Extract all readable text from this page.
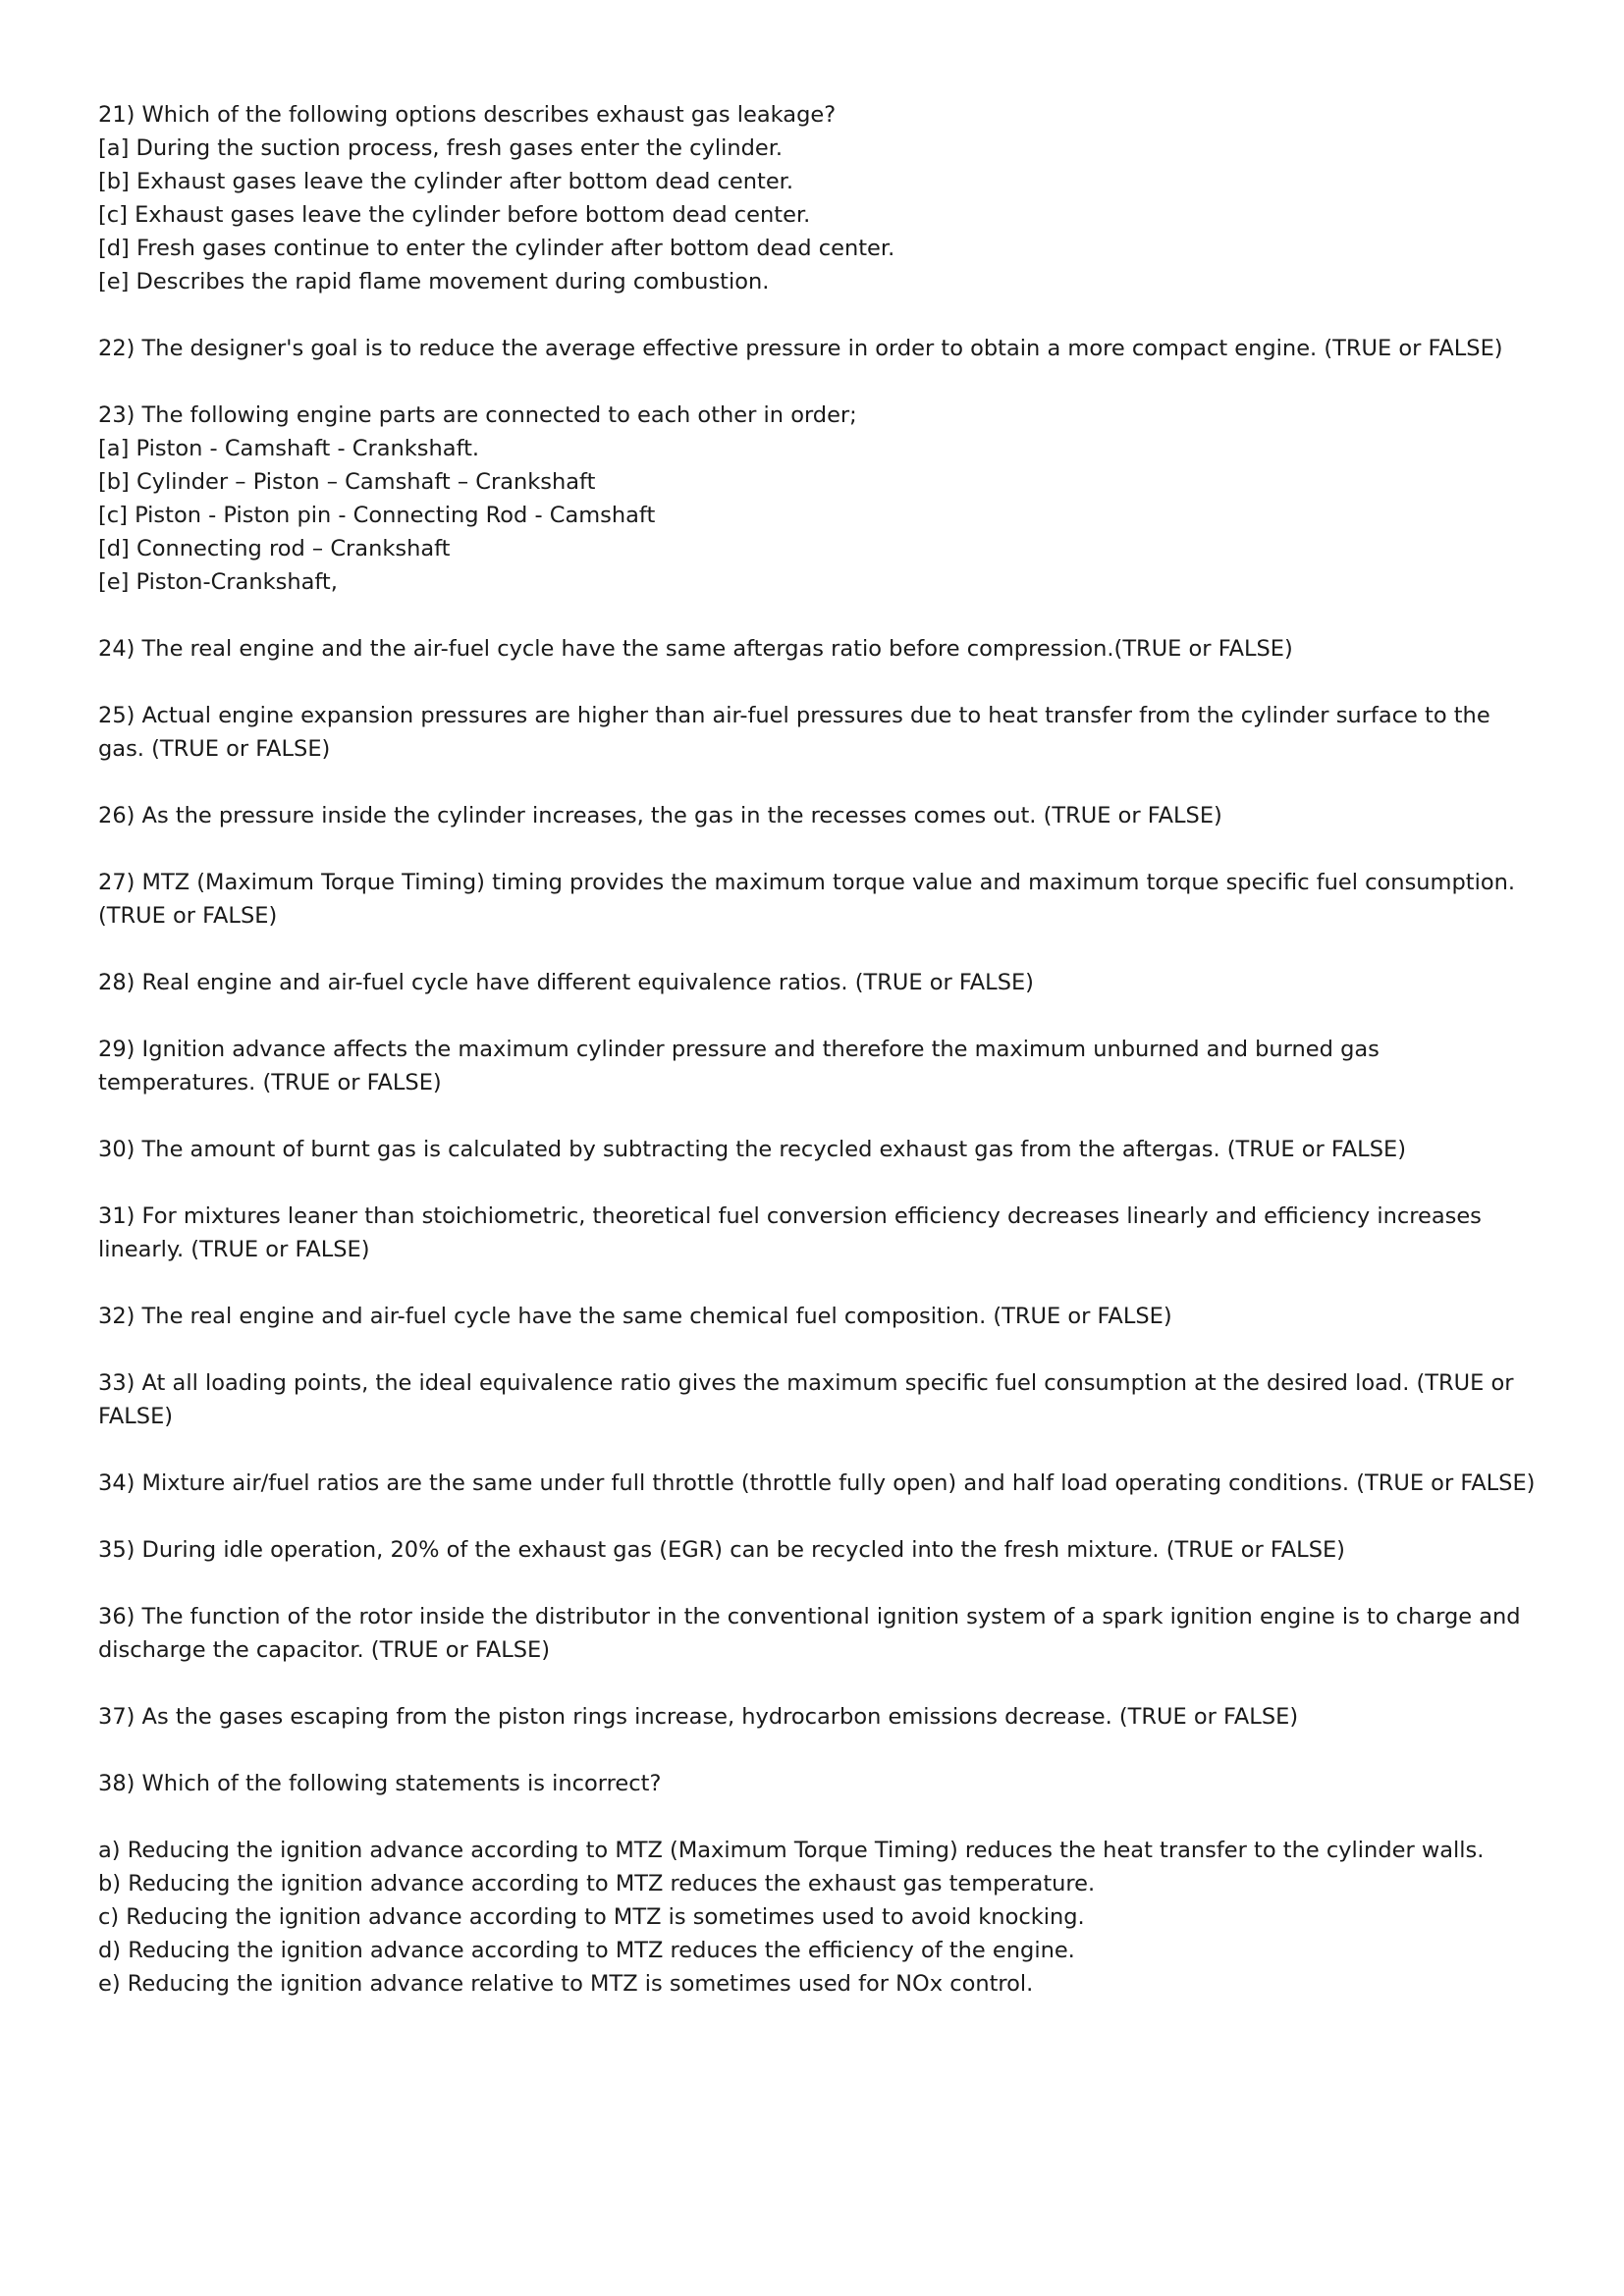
21) Which of the following options describes exhaust gas leakage?
[a] During the suction process, fresh gases enter the cylinder.
[b] Exhaust gases leave the cylinder after bottom dead center.
[c] Exhaust gases leave the cylinder before bottom dead center.
[d] Fresh gases continue to enter the cylinder after bottom dead center.
[e] Describes the rapid flame movement during combustion.
22) The designer's goal is to reduce the average effective pressure in order to obtain a more compact engine. (TRUE or FALSE)
23) The following engine parts are connected to each other in order;
[a] Piston - Camshaft - Crankshaft.
[b] Cylinder – Piston – Camshaft – Crankshaft
[c] Piston - Piston pin - Connecting Rod - Camshaft
[d] Connecting rod – Crankshaft
[e] Piston-Crankshaft,
24) The real engine and the air-fuel cycle have the same aftergas ratio before compression.(TRUE or FALSE)
25) Actual engine expansion pressures are higher than air-fuel pressures due to heat transfer from the cylinder surface to the gas. (TRUE or FALSE)
26) As the pressure inside the cylinder increases, the gas in the recesses comes out. (TRUE or FALSE)
27) MTZ (Maximum Torque Timing) timing provides the maximum torque value and maximum torque specific fuel consumption. (TRUE or FALSE)
28) Real engine and air-fuel cycle have different equivalence ratios. (TRUE or FALSE)
29) Ignition advance affects the maximum cylinder pressure and therefore the maximum unburned and burned gas temperatures. (TRUE or FALSE)
30) The amount of burnt gas is calculated by subtracting the recycled exhaust gas from the aftergas. (TRUE or FALSE)
31) For mixtures leaner than stoichiometric, theoretical fuel conversion efficiency decreases linearly and efficiency increases linearly. (TRUE or FALSE)
32) The real engine and air-fuel cycle have the same chemical fuel composition. (TRUE or FALSE)
33) At all loading points, the ideal equivalence ratio gives the maximum specific fuel consumption at the desired load. (TRUE or FALSE)
34) Mixture air/fuel ratios are the same under full throttle (throttle fully open) and half load operating conditions. (TRUE or FALSE)
35) During idle operation, 20% of the exhaust gas (EGR) can be recycled into the fresh mixture. (TRUE or FALSE)
36) The function of the rotor inside the distributor in the conventional ignition system of a spark ignition engine is to charge and discharge the capacitor. (TRUE or FALSE)
37) As the gases escaping from the piston rings increase, hydrocarbon emissions decrease. (TRUE or FALSE)
38) Which of the following statements is incorrect?
a) Reducing the ignition advance according to MTZ (Maximum Torque Timing) reduces the heat transfer to the cylinder walls.
b) Reducing the ignition advance according to MTZ reduces the exhaust gas temperature.
c) Reducing the ignition advance according to MTZ is sometimes used to avoid knocking.
d) Reducing the ignition advance according to MTZ reduces the efficiency of the engine.
e) Reducing the ignition advance relative to MTZ is sometimes used for NOx control.
